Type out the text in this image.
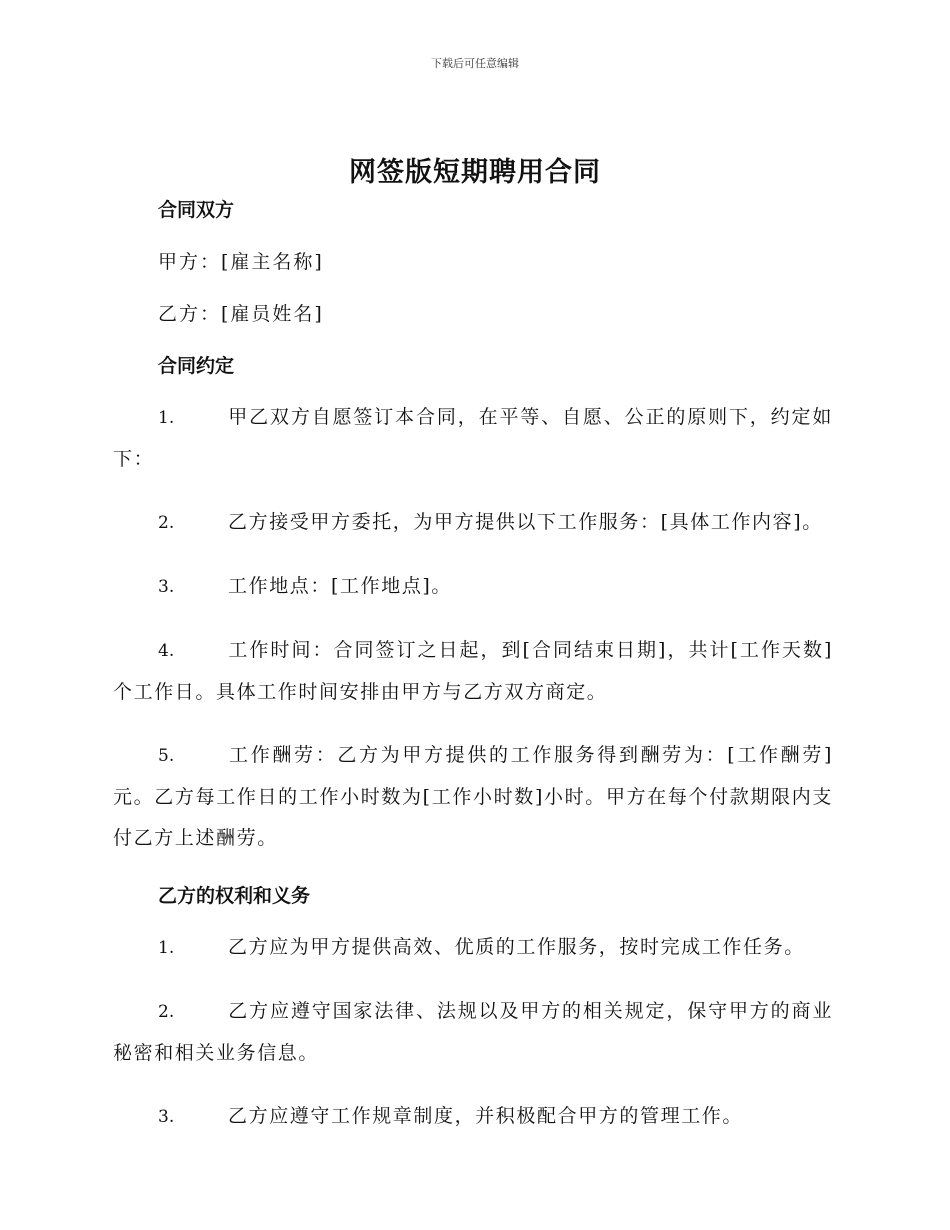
下载后可任意编辑
网签版短期聘用合同
合同双方
甲方：[雇主名称]
乙方：[雇员姓名]
合同约定
1.	甲乙双方自愿签订本合同，在平等、自愿、公正的原则下，约定如下：
2.	乙方接受甲方委托，为甲方提供以下工作服务：[具体工作内容]。
3.	工作地点：[工作地点]。
4.	工作时间：合同签订之日起，到[合同结束日期]，共计[工作天数]个工作日。具体工作时间安排由甲方与乙方双方商定。
5.	工作酬劳：乙方为甲方提供的工作服务得到酬劳为：[工作酬劳]元。乙方每工作日的工作小时数为[工作小时数]小时。甲方在每个付款期限内支付乙方上述酬劳。
乙方的权利和义务
1.	乙方应为甲方提供高效、优质的工作服务，按时完成工作任务。
2.	乙方应遵守国家法律、法规以及甲方的相关规定，保守甲方的商业秘密和相关业务信息。
3.	乙方应遵守工作规章制度，并积极配合甲方的管理工作。
